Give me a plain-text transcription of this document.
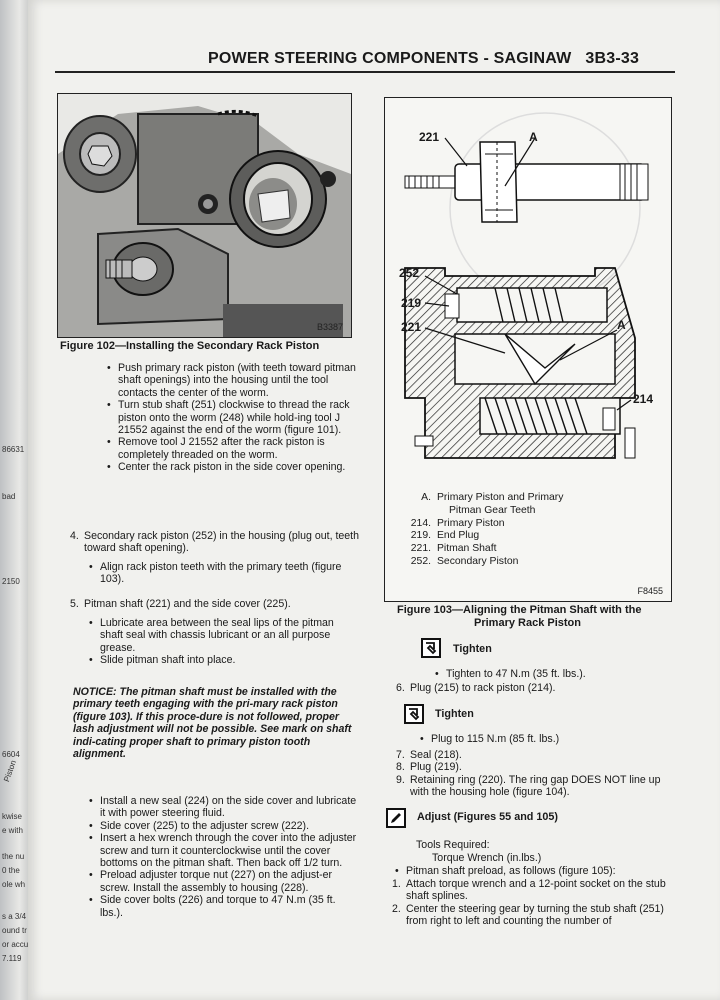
86631
bad
2150
6604
Piston
kwise
e with
the nu
0 the
ole wh
s a 3/4
ound tr
or accu
7.119
POWER STEERING COMPONENTS - SAGINAW   3B3-33
B3387
Figure 102—Installing the Secondary Rack Piston
• Push primary rack piston (with teeth toward pitman shaft openings) into the housing until the tool contacts the center of the worm.
• Turn stub shaft (251) clockwise to thread the rack piston onto the worm (248) while hold-ing tool J 21552 against the end of the worm (figure 101).
• Remove tool J 21552 after the rack piston is completely threaded on the worm.
• Center the rack piston in the side cover opening.
4. Secondary rack piston (252) in the housing (plug out, teeth toward shaft opening).
• Align rack piston teeth with the primary teeth (figure 103).
5. Pitman shaft (221) and the side cover (225).
• Lubricate area between the seal lips of the pitman shaft seal with chassis lubricant or an all purpose grease.
• Slide pitman shaft into place.
NOTICE: The pitman shaft must be installed with the primary teeth engaging with the pri-mary rack piston (figure 103). If this proce-dure is not followed, proper lash adjustment will not be possible. See mark on shaft indi-cating proper shaft to primary piston tooth alignment.
• Install a new seal (224) on the side cover and lubricate it with power steering fluid.
• Side cover (225) to the adjuster screw (222).
• Insert a hex wrench through the cover into the adjuster screw and turn it counterclockwise until the cover bottoms on the pitman shaft. Then back off 1/2 turn.
• Preload adjuster torque nut (227) on the adjust-er screw. Install the assembly to housing (228).
• Side cover bolts (226) and torque to 47 N.m (35 ft. lbs.).
221	A
252
219
221	A
214
A. Primary Piston and Primary
Pitman Gear Teeth
214. Primary Piston
219. End Plug
221. Pitman Shaft
252. Secondary Piston
F8455
Figure 103—Aligning the Pitman Shaft with the
Primary Rack Piston
Tighten
• Tighten to 47 N.m (35 ft. lbs.).
6. Plug (215) to rack piston (214).
Tighten
• Plug to 115 N.m (85 ft. lbs.)
7. Seal (218).
8. Plug (219).
9. Retaining ring (220). The ring gap DOES NOT line up with the housing hole (figure 104).
Adjust (Figures 55 and 105)
Tools Required:
Torque Wrench (in.lbs.)
• Pitman shaft preload, as follows (figure 105):
1. Attach torque wrench and a 12-point socket on the stub shaft splines.
2. Center the steering gear by turning the stub shaft (251) from right to left and counting the number of
